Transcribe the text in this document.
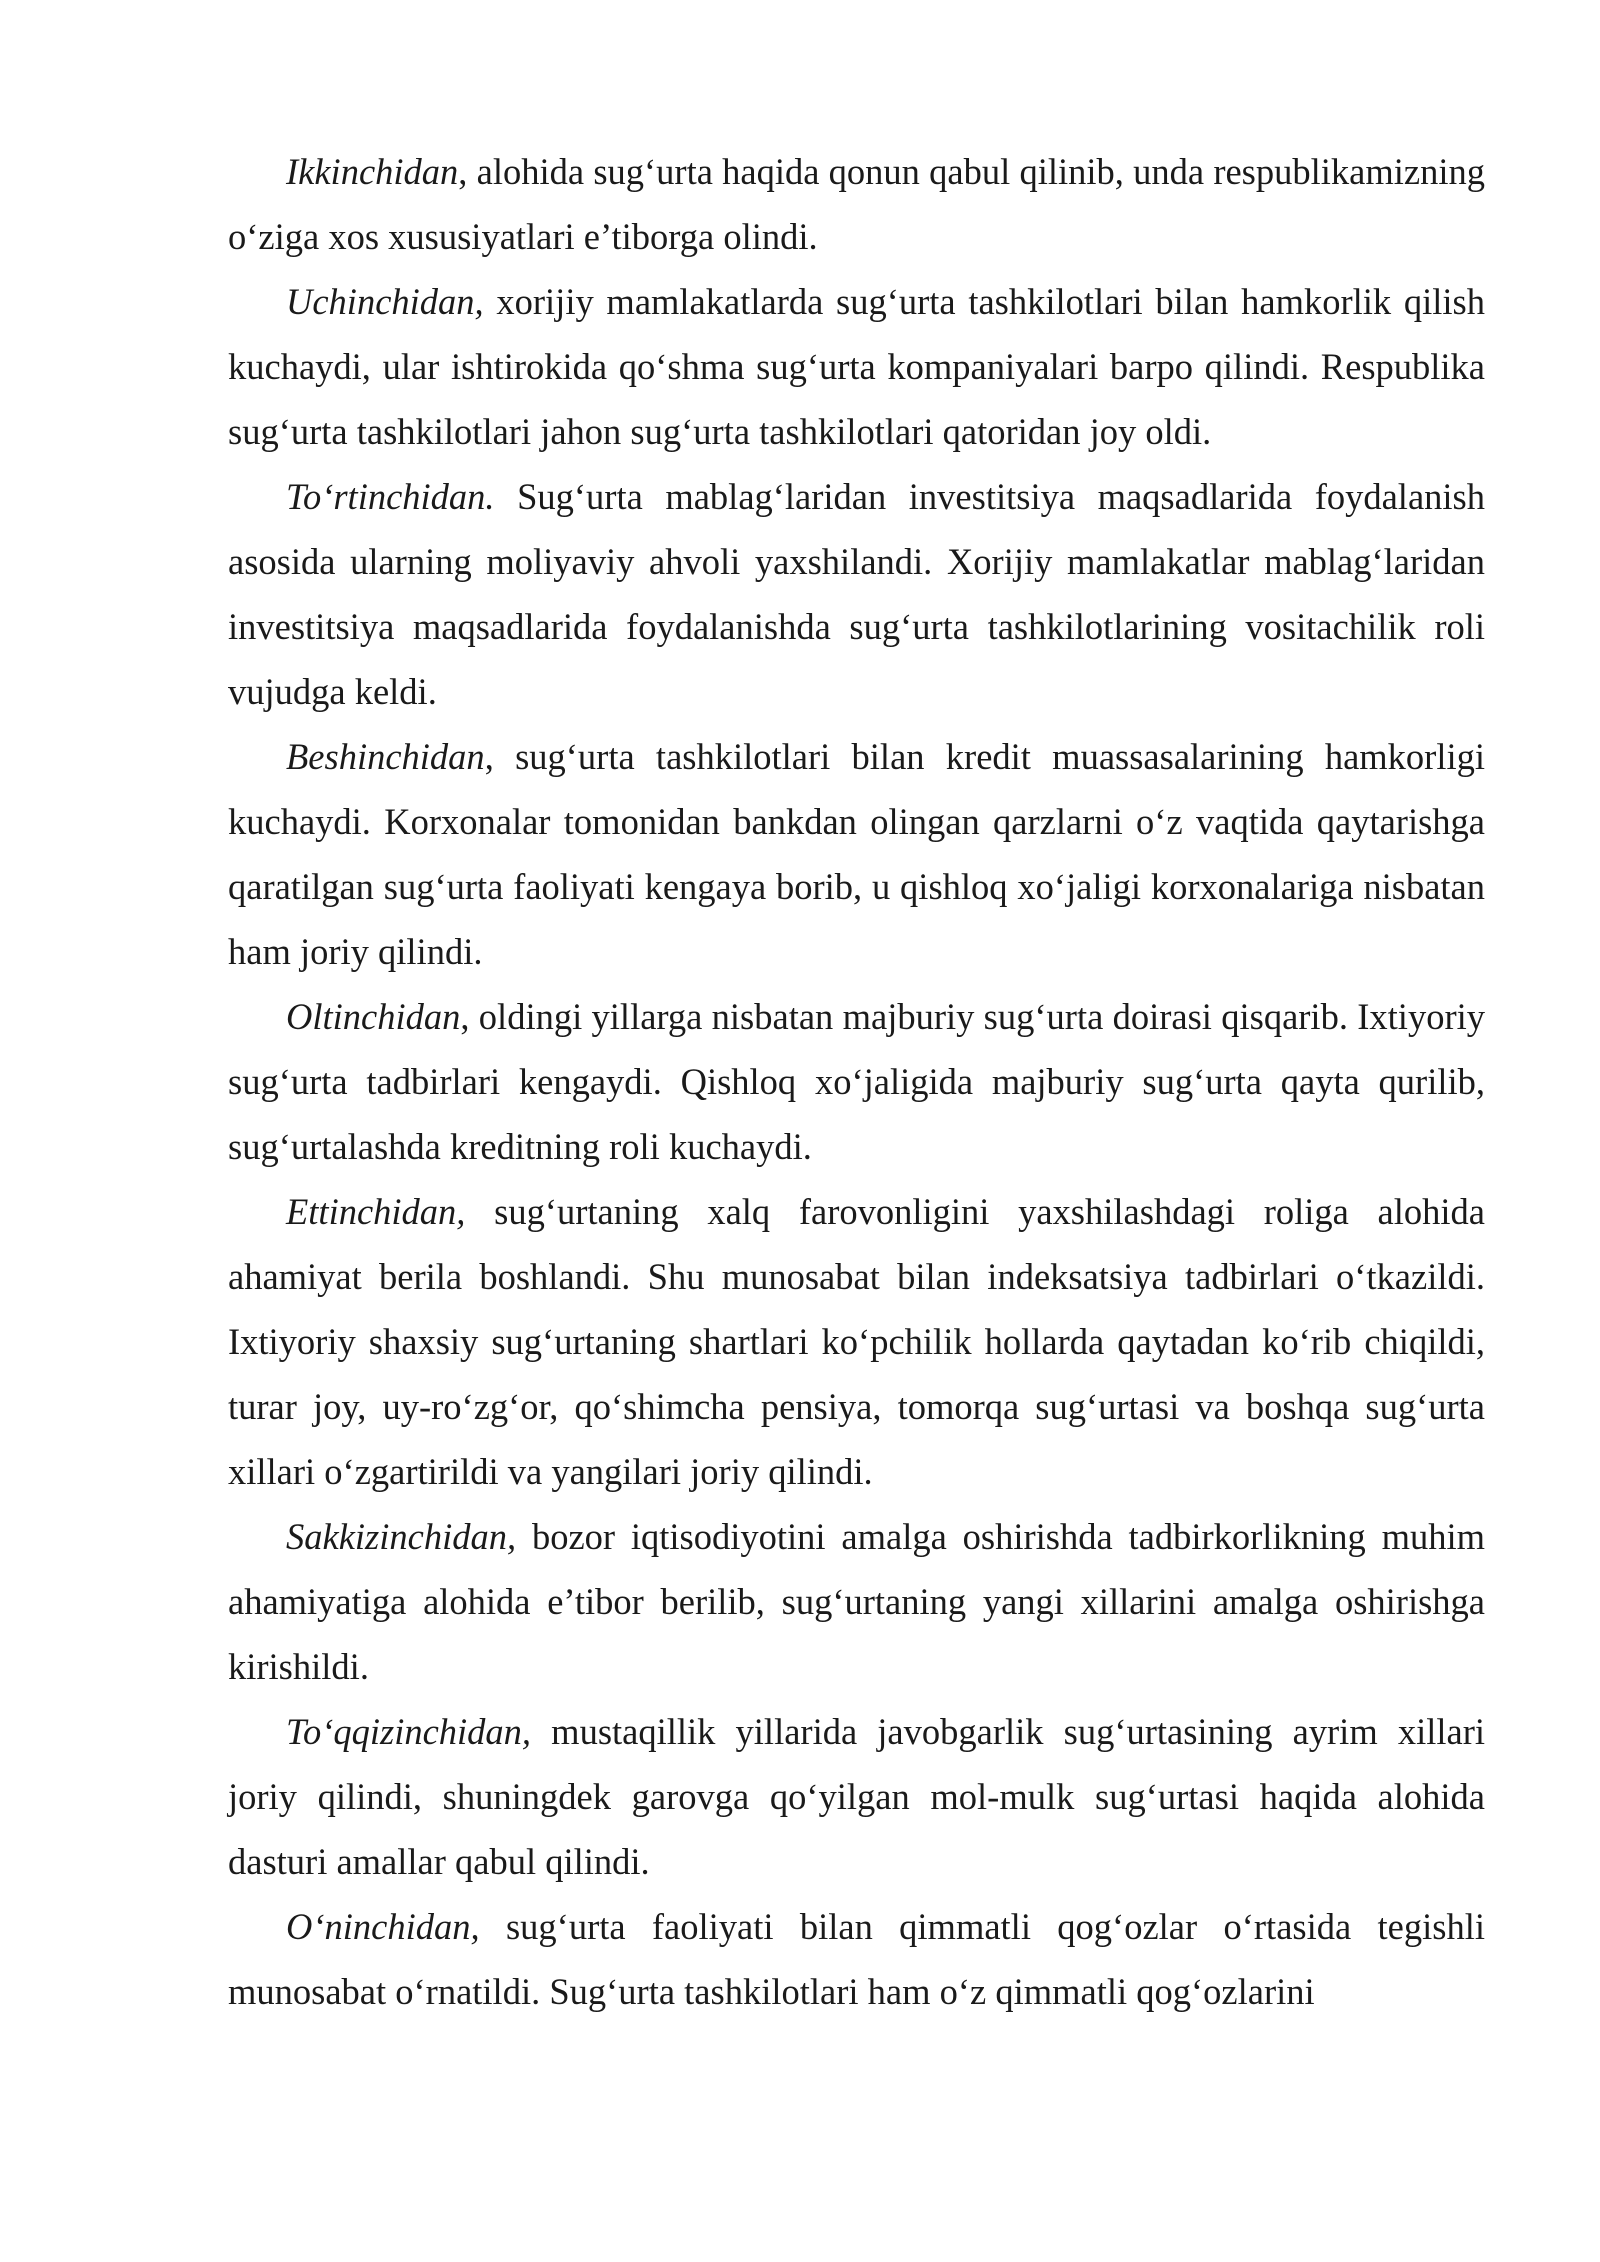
Ikkinchidan, alohida sug‘urta haqida qonun qabul qilinib, unda respublikamizning o‘ziga xos xususiyatlari e’tiborga olindi.

Uchinchidan, xorijiy mamlakatlarda sug‘urta tashkilotlari bilan hamkorlik qilish kuchaydi, ular ishtirokida qo‘shma sug‘urta kompaniyalari barpo qilindi. Respublika sug‘urta tashkilotlari jahon sug‘urta tashkilotlari qatoridan joy oldi.

To‘rtinchidan. Sug‘urta mablag‘laridan investitsiya maqsadlarida foydalanish asosida ularning moliyaviy ahvoli yaxshilandi. Xorijiy mamlakatlar mablag‘laridan investitsiya maqsadlarida foydalanishda sug‘urta tashkilotlarining vositachilik roli vujudga keldi.

Beshinchidan, sug‘urta tashkilotlari bilan kredit muassasalarining hamkorligi kuchaydi. Korxonalar tomonidan bankdan olingan qarzlarni o‘z vaqtida qaytarishga qaratilgan sug‘urta faoliyati kengaya borib, u qishloq xo‘jaligi korxonalariga nisbatan ham joriy qilindi.

Oltinchidan, oldingi yillarga nisbatan majburiy sug‘urta doirasi qisqarib. Ixtiyoriy sug‘urta tadbirlari kengaydi. Qishloq xo‘jaligida majburiy sug‘urta qayta qurilib, sug‘urtalashda kreditning roli kuchaydi.

Ettinchidan, sug‘urtaning xalq farovonligini yaxshilashdagi roliga alohida ahamiyat berila boshlandi. Shu munosabat bilan indeksatsiya tadbirlari o‘tkazildi. Ixtiyoriy shaxsiy sug‘urtaning shartlari ko‘pchilik hollarda qaytadan ko‘rib chiqildi, turar joy, uy-ro‘zg‘or, qo‘shimcha pensiya, tomorqa sug‘urtasi va boshqa sug‘urta xillari o‘zgartirildi va yangilari joriy qilindi.

Sakkizinchidan, bozor iqtisodiyotini amalga oshirishda tadbirkorlikning muhim ahamiyatiga alohida e’tibor berilib, sug‘urtaning yangi xillarini amalga oshirishga kirishildi.

To‘qqizinchidan, mustaqillik yillarida javobgarlik sug‘urtasining ayrim xillari joriy qilindi, shuningdek garovga qo‘yilgan mol-mulk sug‘urtasi haqida alohida dasturi amallar qabul qilindi.

O‘ninchidan, sug‘urta faoliyati bilan qimmatli qog‘ozlar o‘rtasida tegishli munosabat o‘rnatildi. Sug‘urta tashkilotlari ham o‘z qimmatli qog‘ozlarini
